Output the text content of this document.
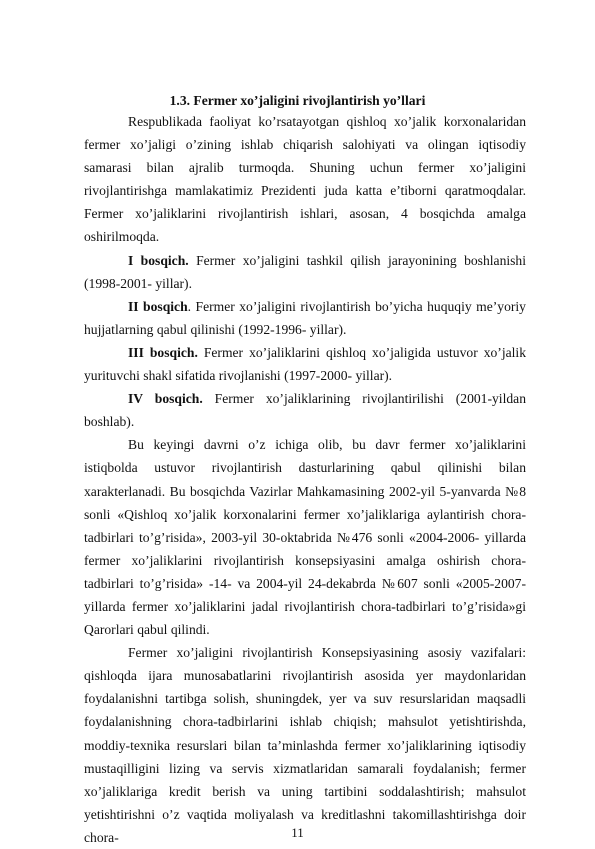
1.3. Fermer xo’jaligini rivojlantirish yo’llari

Respublikada faoliyat ko’rsatayotgan qishloq xo’jalik korxonalaridan fermer xo’jaligi o’zining ishlab chiqarish salohiyati va olingan iqtisodiy samarasi bilan ajralib turmoqda. Shuning uchun fermer xo’jaligini rivojlantirishga mamlakatimiz Prezidenti juda katta e’tiborni qaratmoqdalar. Fermer xo’jaliklarini rivojlantirish ishlari, asosan, 4 bosqichda amalga oshirilmoqda.

I bosqich. Fermer xo’jaligini tashkil qilish jarayonining boshlanishi (1998-2001- yillar).

II bosqich. Fermer xo’jaligini rivojlantirish bo’yicha huquqiy me’yoriy hujjatlarning qabul qilinishi (1992-1996- yillar).

III bosqich. Fermer xo’jaliklarini qishloq xo’jaligida ustuvor xo’jalik yurituvchi shakl sifatida rivojlanishi (1997-2000- yillar).

IV bosqich. Fermer xo’jaliklarining rivojlantirilishi (2001-yildan boshlab).

Bu keyingi davrni o’z ichiga olib, bu davr fermer xo’jaliklarini istiqbolda ustuvor rivojlantirish dasturlarining qabul qilinishi bilan xarakterlanadi. Bu bosqichda Vazirlar Mahkamasining 2002-yil 5-yanvarda №8 sonli «Qishloq xo’jalik korxonalarini fermer xo’jaliklariga aylantirish chora-tadbirlari to’g’risida», 2003-yil 30-oktabrida №476 sonli «2004-2006- yillarda fermer xo’jaliklarini rivojlantirish konsepsiyasini amalga oshirish chora-tadbirlari to’g’risida» -14- va 2004-yil 24-dekabrda №607 sonli «2005-2007- yillarda fermer xo’jaliklarini jadal rivojlantirish chora-tadbirlari to’g’risida»gi Qarorlari qabul qilindi.

Fermer xo’jaligini rivojlantirish Konsepsiyasining asosiy vazifalari: qishloqda ijara munosabatlarini rivojlantirish asosida yer maydonlaridan foydalanishni tartibga solish, shuningdek, yer va suv resurslaridan maqsadli foydalanishning chora-tadbirlarini ishlab chiqish; mahsulot yetishtirishda, moddiy-texnika resurslari bilan ta’minlashda fermer xo’jaliklarining iqtisodiy mustaqilligini lizing va servis xizmatlaridan samarali foydalanish; fermer xo’jaliklariga kredit berish va uning tartibini soddalashtirish; mahsulot yetishtirishni o’z vaqtida moliyalash va kreditlashni takomillashtirishga doir chora-	11
